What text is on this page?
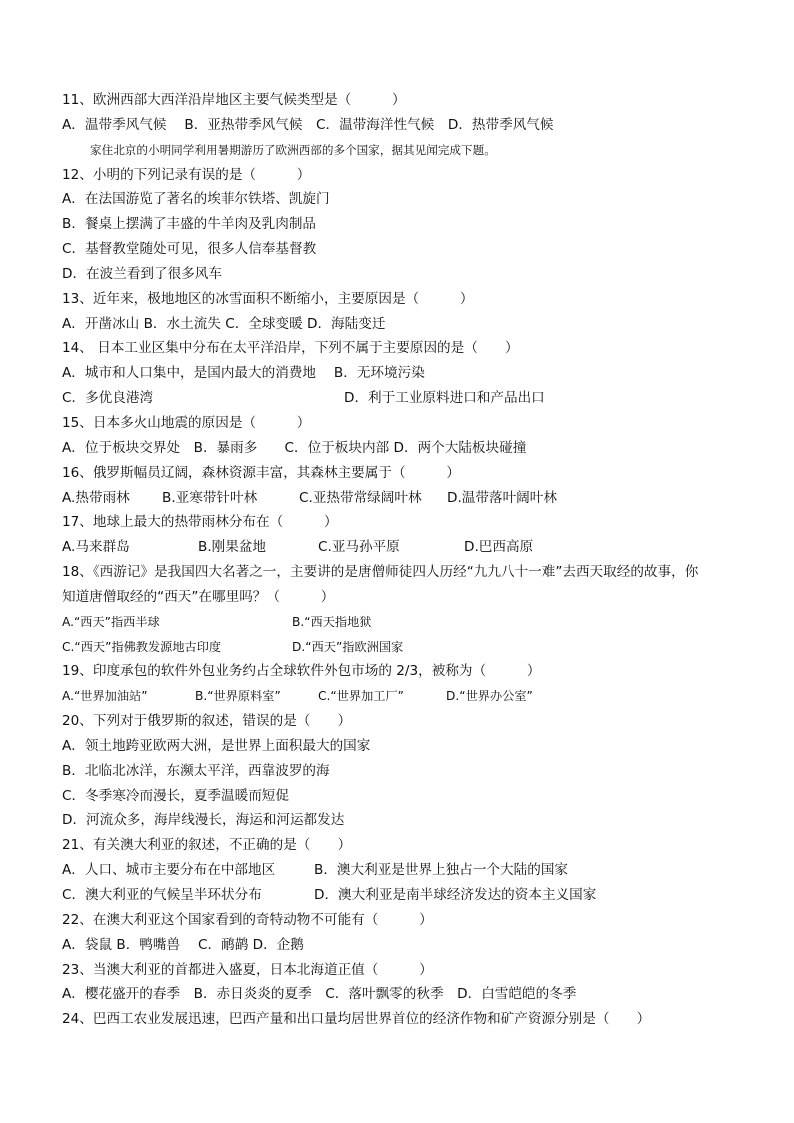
11、欧洲西部大西洋沿岸地区主要气候类型是（　　　）
A．温带季风气候　 B．亚热带季风气候　C．温带海洋性气候　D．热带季风气候
家住北京的小明同学利用暑期游历了欧洲西部的多个国家，据其见闻完成下题。
12、小明的下列记录有误的是（　　　）
A．在法国游览了著名的埃菲尔铁塔、凯旋门
B．餐桌上摆满了丰盛的牛羊肉及乳肉制品
C．基督教堂随处可见，很多人信奉基督教
D．在波兰看到了很多风车
13、近年来，极地地区的冰雪面积不断缩小，主要原因是（　　　）
A．开凿冰山 B．水土流失 C．全球变暖 D．海陆变迁
14、 日本工业区集中分布在太平洋沿岸，下列不属于主要原因的是（　　）
A．城市和人口集中，是国内最大的消费地　 B．无环境污染
C．多优良港湾	D．利于工业原料进口和产品出口
15、日本多火山地震的原因是（　　　）
A．位于板块交界处　B．暴雨多　　C．位于板块内部 D．两个大陆板块碰撞
16、俄罗斯幅员辽阔，森林资源丰富，其森林主要属于（　　　）
A.热带雨林 B.亚寒带针叶林	C.亚热带常绿阔叶林 D.温带落叶阔叶林
17、地球上最大的热带雨林分布在（　　　）
A.马来群岛	B.刚果盆地	C.亚马孙平原	D.巴西高原
18、《西游记》是我国四大名著之一，主要讲的是唐僧师徒四人历经“九九八十一难”去西天取经的故事，你
知道唐僧取经的“西天”在哪里吗？（　　　）
A.“西天”指西半球	B.“西天指地狱
C.“西天”指佛教发源地古印度	D.“西天”指欧洲国家
19、印度承包的软件外包业务约占全球软件外包市场的 2/3，被称为（　　　）
A.“世界加油站”	B.“世界原料室”	C.“世界加工厂”	D.“世界办公室”
20、下列对于俄罗斯的叙述，错误的是（　　）
A．领土地跨亚欧两大洲，是世界上面积最大的国家
B．北临北冰洋，东濒太平洋，西靠波罗的海
C．冬季寒冷而漫长，夏季温暖而短促
D．河流众多，海岸线漫长，海运和河运都发达
21、有关澳大利亚的叙述，不正确的是（　　）
A．人口、城市主要分布在中部地区	B．澳大利亚是世界上独占一个大陆的国家
C．澳大利亚的气候呈半环状分布	D．澳大利亚是南半球经济发达的资本主义国家
22、在澳大利亚这个国家看到的奇特动物不可能有（　　　）
A．袋鼠 B．鸭嘴兽　 C．鸸鹋 D．企鹅
23、当澳大利亚的首都进入盛夏，日本北海道正值（　　　）
A．樱花盛开的春季　B．赤日炎炎的夏季　C．落叶飘零的秋季　D．白雪皑皑的冬季
24、巴西工农业发展迅速，巴西产量和出口量均居世界首位的经济作物和矿产资源分别是（　　）
